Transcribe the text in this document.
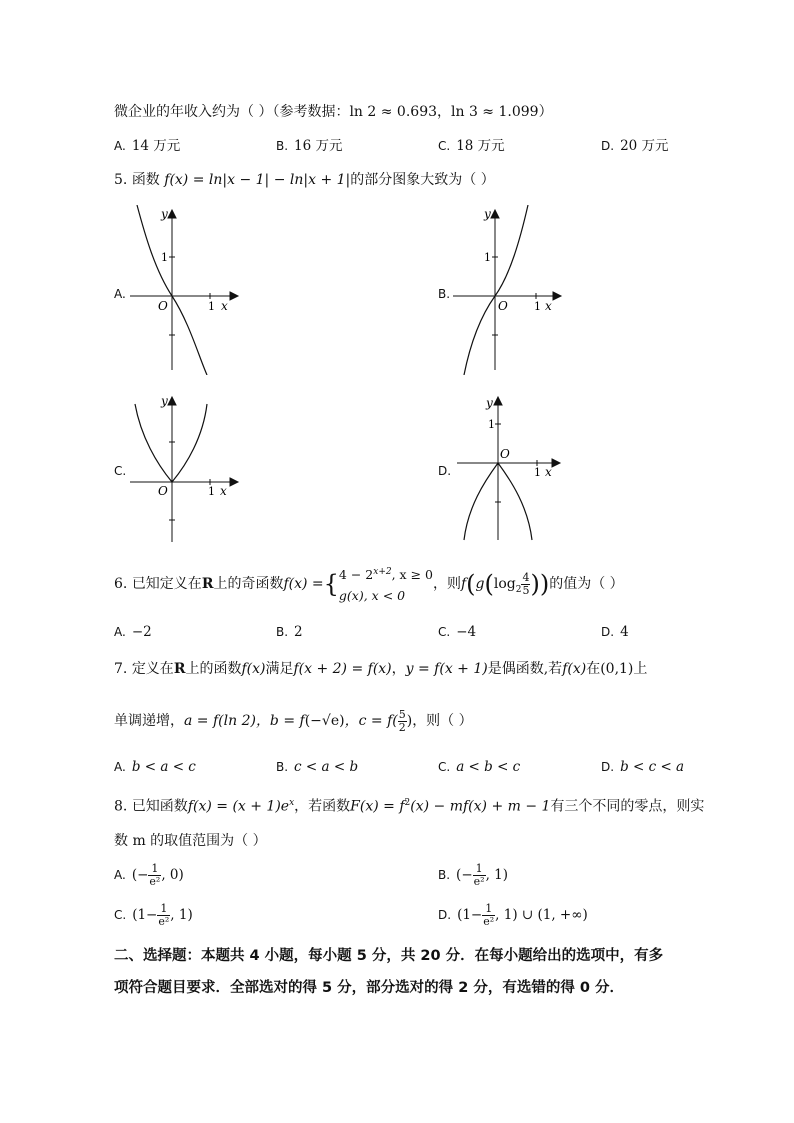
微企业的年收入约为（ ）（参考数据：ln 2 ≈ 0.693，ln 3 ≈ 1.099）
A. 14 万元	B. 16 万元	C. 18 万元	D. 20 万元
5. 函数 f(x) = ln|x − 1| − ln|x + 1|的部分图象大致为（ ）
A.
y
1
O	1 x
B.
y
1
O 1 x
C.
y
O	1 x
D.
y
1
O
1 x
6. 已知定义在R上的奇函数f(x) ={ $4 - 2^{x+2}$, x ≥ 0
g(x), x < 0
，则$f(g(\log_2 \frac{4}{5}$ ))的值为（ ）
A. −2	B. 2	C. −4	D. 4
7. 定义在R上的函数f(x)满足f(x + 2) = f(x)，y = f(x + 1)是偶函数,若f(x)在(0,1)上
单调递增，a = f(ln 2)，b = f(−√e)，$c = f( \frac{5}{2}$ )，则（ ）
A. b < a < c	B. c < a < b	C. a < b < c	D. b < c < a
8. 已知函数$f(x) = (x + 1)e^x$，若函数$F(x) = f^2(x) - mf(x) + m - 1$有三个不同的零点，则实
数 m 的取值范围为（ ）
A. (− $\frac{1}{\text{e²}}$ , 0)	B. (− $\frac{1}{\text{e²}}$ , 1)
C. ($1- \frac{1}{\text{e²}}$ , 1)	D. ($1- \frac{1}{\text{e²}}$ , 1) ∪ (1, +∞)
二、选择题：本题共 4 小题，每小题 5 分，共 20 分．在每小题给出的选项中，有多
项符合题目要求．全部选对的得 5 分，部分选对的得 2 分，有选错的得 0 分．
